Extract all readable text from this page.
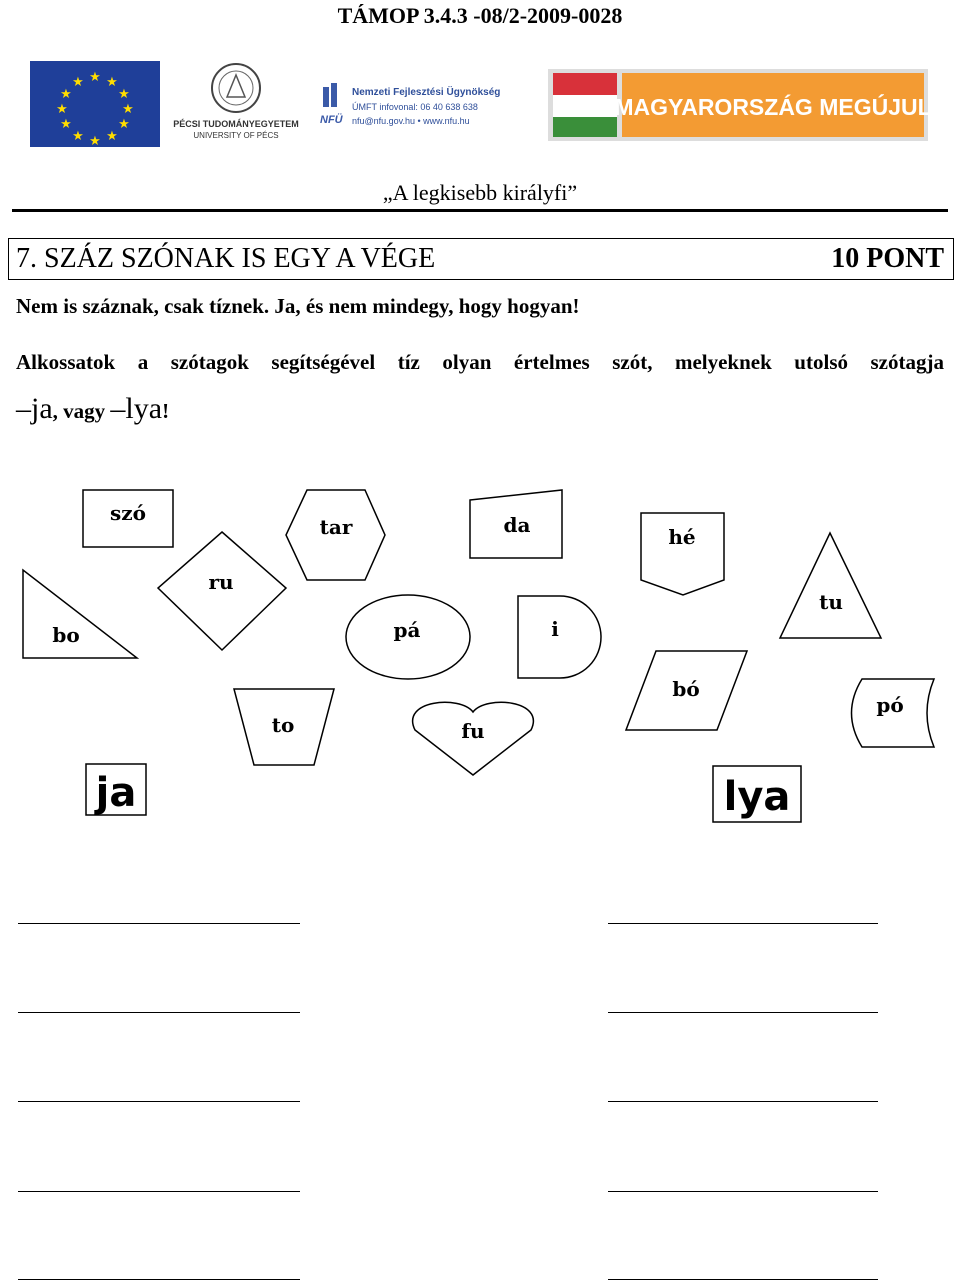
TÁMOP 3.4.3 -08/2-2009-0028
★ ★
★
★
★
★
★
★
★
★
★
★
PÉCSI TUDOMÁNYEGYETEM
UNIVERSITY OF PÉCS
NFÜ
Nemzeti Fejlesztési Ügynökség
ÚMFT infovonal: 06 40 638 638
nfu@nfu.gov.hu • www.nfu.hu
MAGYARORSZÁG MEGÚJUL
„A legkisebb királyfi”
7. SZÁZ SZÓNAK IS EGY A VÉGE	10 PONT
Nem is száznak, csak tíznek. Ja, és nem mindegy, hogy hogyan!
Alkossatok a szótagok segítségével tíz olyan értelmes szót, melyeknek utolsó szótagja
–ja, vagy –lya!
szó
tar	da	hé
ru
tu
bo	pá	i
bó
pó
to	fu
ja	lya
